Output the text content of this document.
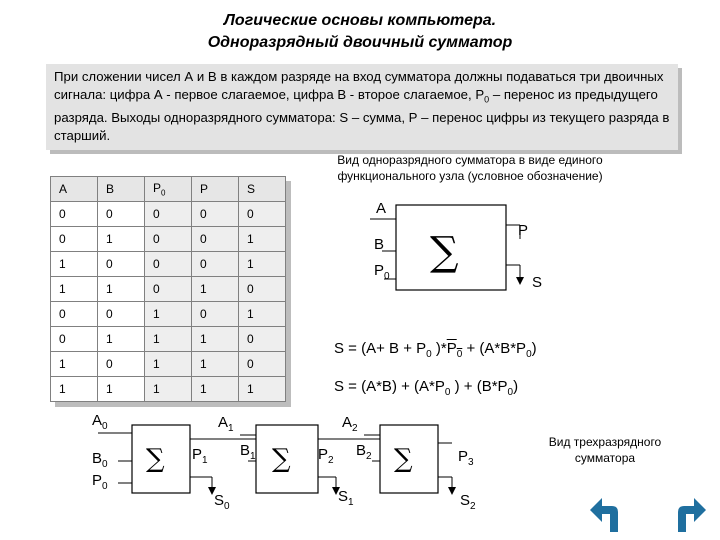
Логические основы компьютера.
Одноразрядный двоичный сумматор
При сложении чисел А и В в каждом разряде на вход сумматора должны подаваться три двоичных сигнала: цифра А - первое слагаемое, цифра В - второе слагаемое, $Р_0$ – перенос из предыдущего разряда. Выходы одноразрядного сумматора: S – сумма, Р – перенос цифры из текущего разряда в старший.
Вид одноразрядного сумматора в виде единого функционального узла (условное обозначение)
А	В	$P_0$	P	S
0	0	0	0	0
0	1	0	0	1
1	0	0	0	1
1	1	0	1	0
0	0	1	0	1
0	1	1	1	0
1	0	1	1	0
1	1	1	1	1
∑
A
B
$P_0$
P
S
$S = (A+ B + P_0$ )$*P_0 + (A*B*P_0)$
$S = (A*B) + (A*P_0$ ) + $(B*P_0)$
∑	∑	∑
$A_0$
$B_0$
$P_0$
$A_1$
$P_1$
$B_1$
$A_2$
$P_2$
$B_2$	$P_3$
$S_0$
$S_1$	$S_2$
Вид трехразрядного сумматора
